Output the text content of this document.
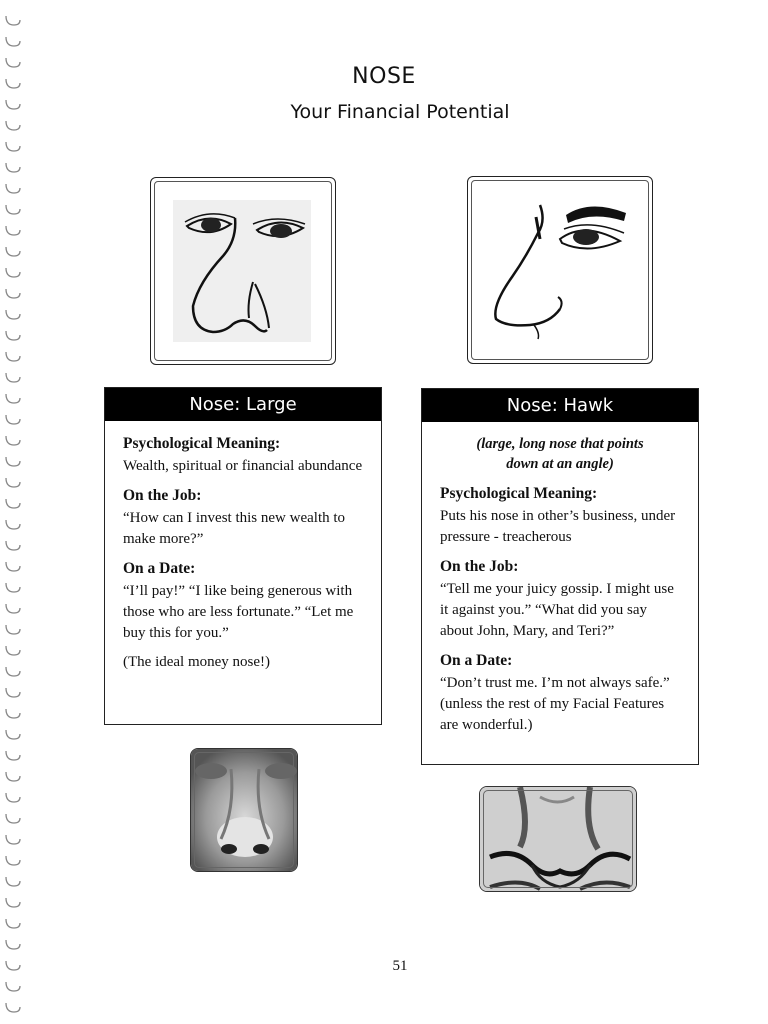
NOSE
Your Financial Potential
Nose: Large

Psychological Meaning:

Wealth, spiritual or financial abundance

On the Job:

“How can I invest this new wealth to make more?”

On a Date:

“I’ll pay!” “I like being generous with those who are less fortunate.” “Let me buy this for you.”

(The ideal money nose!)

Nose: Hawk

(large, long nose that points down at an angle)

Psychological Meaning:

Puts his nose in other’s business, under pressure - treacherous

On the Job:

“Tell me your juicy gossip. I might use it against you.” “What did you say about John, Mary, and Teri?”

On a Date:

“Don’t trust me. I’m not always safe.” (unless the rest of my Facial Features are wonderful.)

51
